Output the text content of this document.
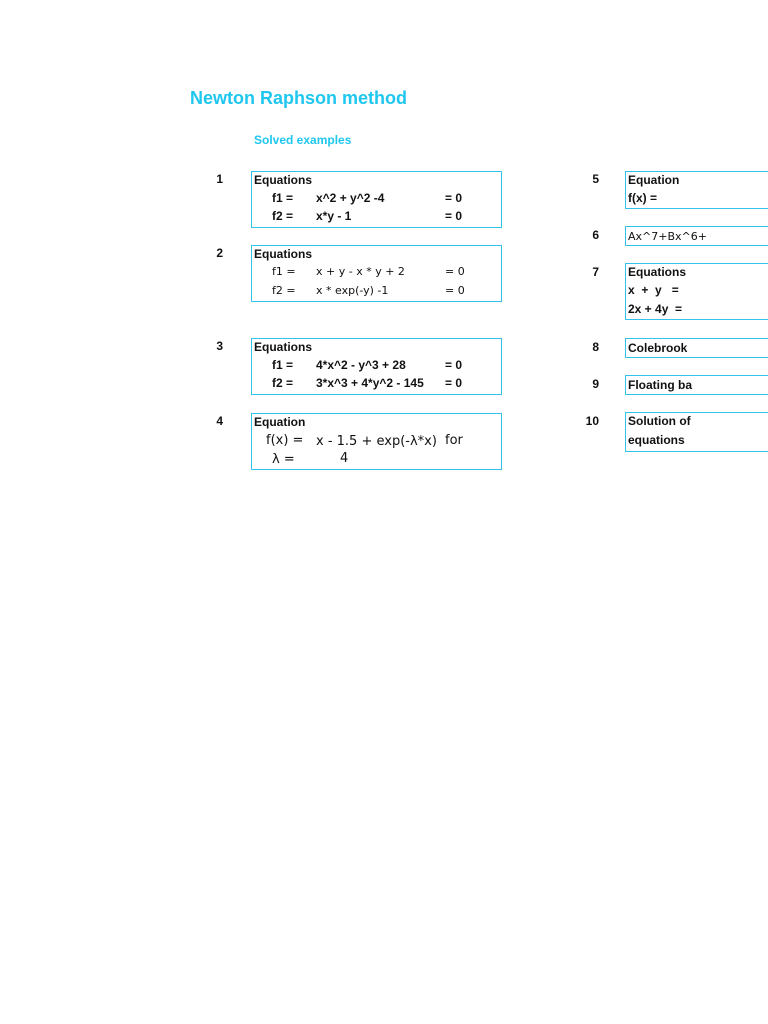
Newton Raphson method
Solved examples
1	Equations
f1 = x^2 + y^2 -4	= 0
f2 = x*y - 1	= 0
2	Equations
f1 = x + y - x * y + 2	= 0
f2 = x * exp(-y) -1	= 0
3	Equations
f1 = 4*x^2 - y^3 + 28	= 0
f2 = 3*x^3 + 4*y^2 - 145 = 0
4	Equation
f(x) = x - 1.5 + exp(-λ*x) for
λ =	4
5 Equation
f(x) =
6	Ax^7+Bx^6+
7 Equations
x  +  y   =
2x + 4y  =
8 Colebrook
9 Floating ba
10 Solution of
equations
